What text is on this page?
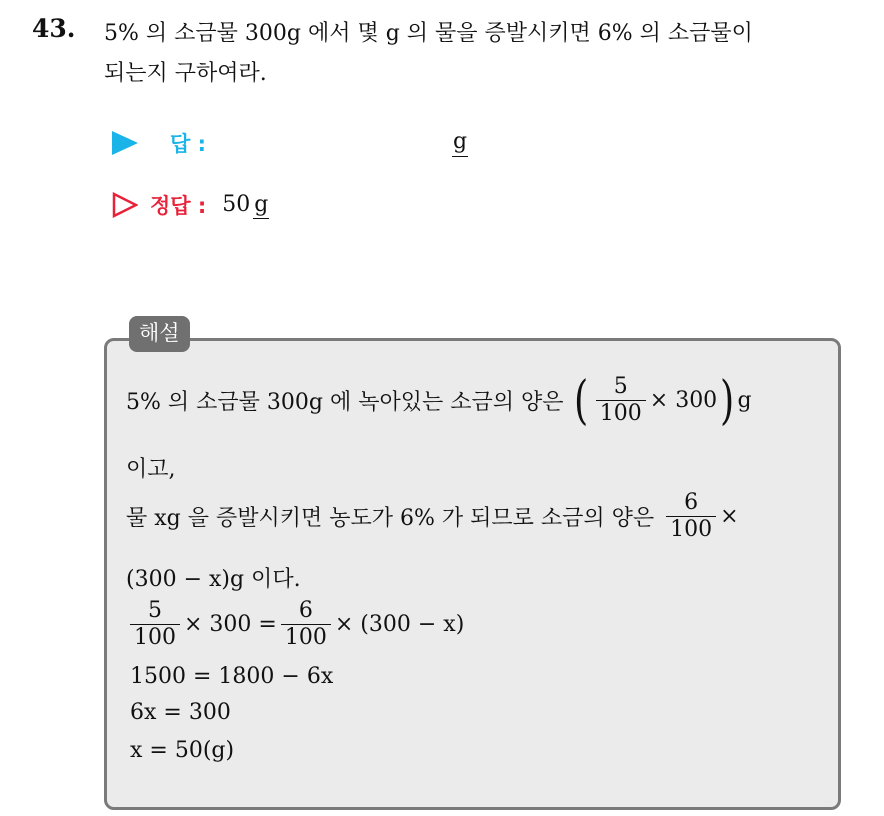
43. 5% 의 소금물 300g 에서 몇 g 의 물을 증발시키면 6% 의 소금물이
되는지 구하여라.
답 :	g
정답 : 50 g
해설
5% 의 소금물 300g 에 녹아있는 소금의 양은 ( $\frac{5}{100} \times 300$ ) g
이고,
물 xg 을 증발시키면 농도가 6% 가 되므로 소금의 양은 $\frac{6}{100}$ ×
(300 − x)g 이다.
$\frac{5}{100} \times 300 = \frac{6}{100} \times (300 - x)$
1500 = 1800 − 6x
6x = 300
x = 50(g)
